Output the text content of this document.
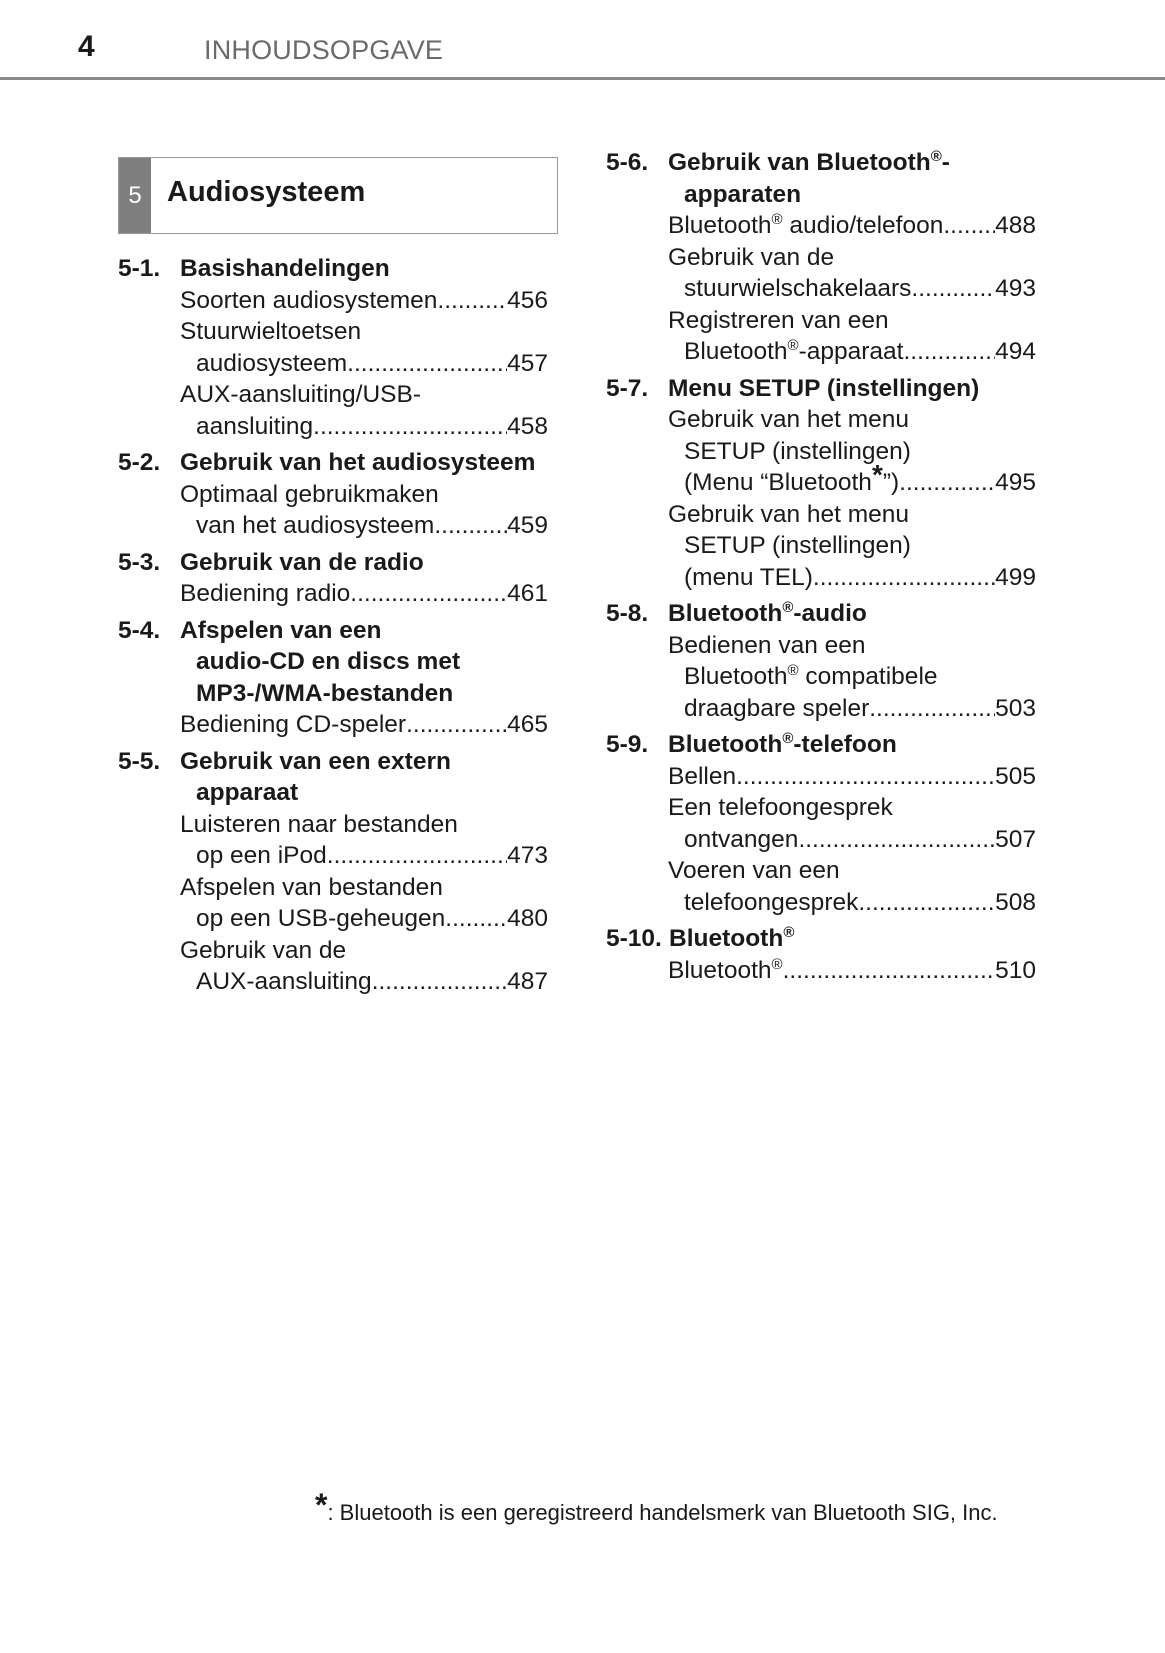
4	INHOUDSOPGAVE
5 Audiosysteem
5-1. Basishandelingen
Soorten audiosystemen .....	456
Stuurwieltoetsen
audiosysteem .....	457
AUX-aansluiting/USB-
aansluiting .....	458
5-2. Gebruik van het audiosysteem
Optimaal gebruikmaken
van het audiosysteem .....	459
5-3. Gebruik van de radio
Bediening radio .....	461
5-4. Afspelen van een
audio-CD en discs met
MP3-/WMA-bestanden
Bediening CD-speler .....	465
5-5. Gebruik van een extern
apparaat
Luisteren naar bestanden
op een iPod .....	473
Afspelen van bestanden
op een USB-geheugen .....	480
Gebruik van de
AUX-aansluiting .....	487
5-6. Gebruik van Bluetooth®-
apparaten
Bluetooth® audio/telefoon ..... 488
Gebruik van de
stuurwielschakelaars .....	493
Registreren van een
Bluetooth®-apparaat .....	494
5-7. Menu SETUP (instellingen)
Gebruik van het menu
SETUP (instellingen)
(Menu “Bluetooth*”) .....	495
Gebruik van het menu
SETUP (instellingen)
(menu TEL) .....	499
5-8. Bluetooth®-audio
Bedienen van een
Bluetooth® compatibele
draagbare speler .....	503
5-9. Bluetooth®-telefoon
Bellen .....	505
Een telefoongesprek
ontvangen .....	507
Voeren van een
telefoongesprek .....	508
5-10. Bluetooth®
Bluetooth® .....	510
*: Bluetooth is een geregistreerd handelsmerk van Bluetooth SIG, Inc.
